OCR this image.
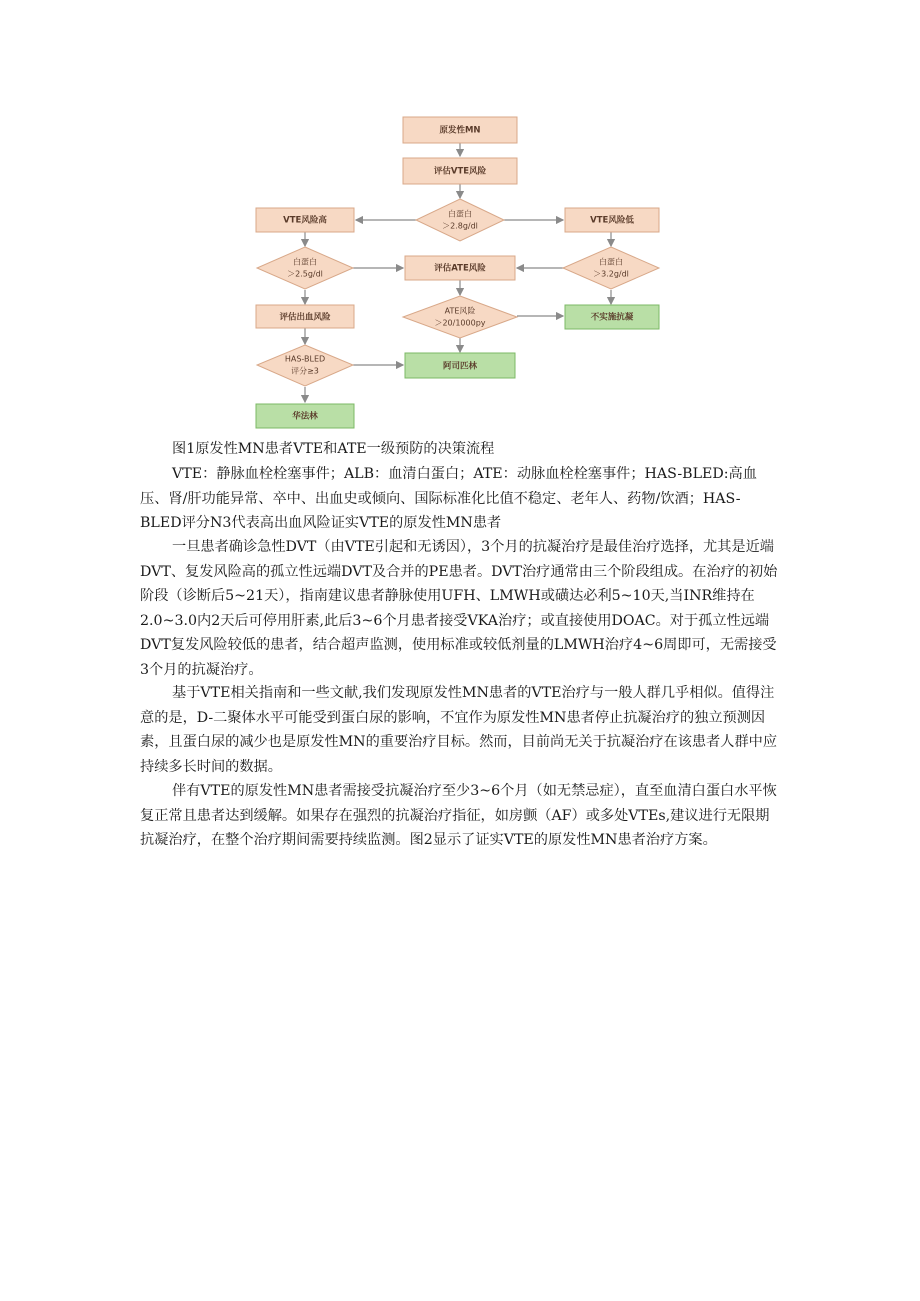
原发性MN
评估VTE风险
白蛋白
＞2.8g/dl
VTE风险高	VTE风险低
白蛋白
＞2.5g/dl
评估ATE风险
白蛋白
＞3.2g/dl
评估出血风险
ATE风险
＞20/1000py
不实施抗凝
HAS-BLED
评分≥3	阿司匹林
华法林
图1原发性MN患者VTE和ATE一级预防的决策流程
VTE：静脉血栓栓塞事件；ALB：血清白蛋白；ATE：动脉血栓栓塞事件；HAS-BLED:高血压、肾/肝功能异常、卒中、出血史或倾向、国际标准化比值不稳定、老年人、药物/饮酒；HAS-BLED评分N3代表高出血风险证实VTE的原发性MN患者

一旦患者确诊急性DVT（由VTE引起和无诱因），3个月的抗凝治疗是最佳治疗选择，尤其是近端DVT、复发风险高的孤立性远端DVT及合并的PE患者。DVT治疗通常由三个阶段组成。在治疗的初始阶段（诊断后5~21天），指南建议患者静脉使用UFH、LMWH或磺达必利5~10天,当INR维持在2.0~3.0内2天后可停用肝素,此后3~6个月患者接受VKA治疗；或直接使用DOAC。对于孤立性远端DVT复发风险较低的患者，结合超声监测，使用标准或较低剂量的LMWH治疗4~6周即可，无需接受3个月的抗凝治疗。

基于VTE相关指南和一些文献,我们发现原发性MN患者的VTE治疗与一般人群几乎相似。值得注意的是，D-二聚体水平可能受到蛋白尿的影响，不宜作为原发性MN患者停止抗凝治疗的独立预测因素，且蛋白尿的减少也是原发性MN的重要治疗目标。然而，目前尚无关于抗凝治疗在该患者人群中应持续多长时间的数据。

伴有VTE的原发性MN患者需接受抗凝治疗至少3~6个月（如无禁忌症），直至血清白蛋白水平恢复正常且患者达到缓解。如果存在强烈的抗凝治疗指征，如房颤（AF）或多处VTEs,建议进行无限期抗凝治疗，在整个治疗期间需要持续监测。图2显示了证实VTE的原发性MN患者治疗方案。
